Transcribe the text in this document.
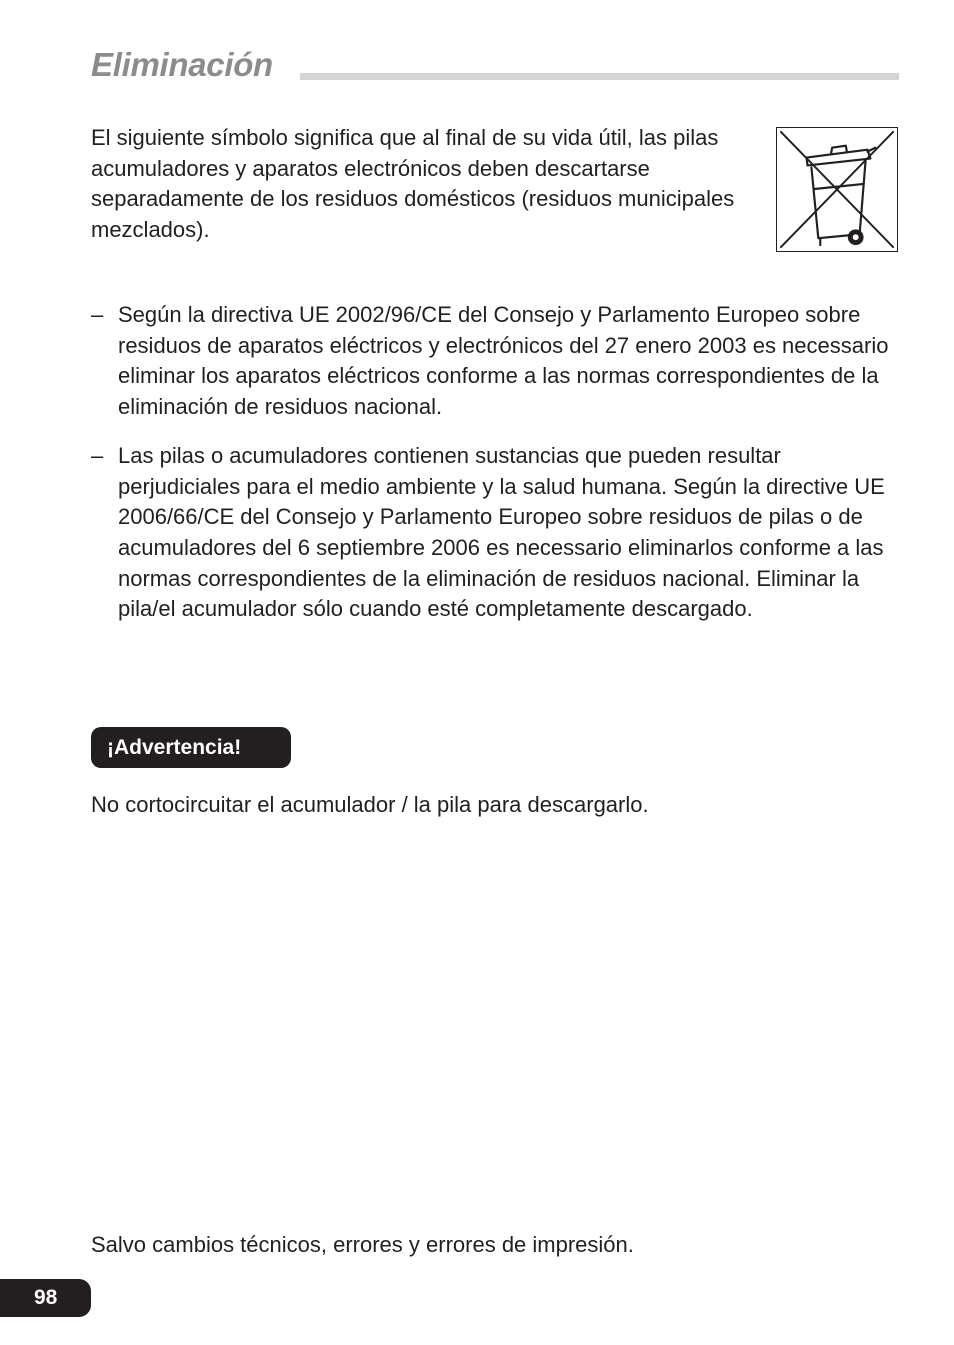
Eliminación

El siguiente símbolo significa que al final de su vida útil, las pilas acumuladores y aparatos electrónicos deben descartarse separadamente de los residuos domésticos (residuos municipales mezclados).

– Según la directiva UE 2002/96/CE del Consejo y Parlamento Europeo sobre residuos de aparatos eléctricos y electrónicos del 27 enero 2003 es necessario eliminar los aparatos eléctricos conforme a las normas correspondientes de la eliminación de residuos nacional.
– Las pilas o acumuladores contienen sustancias que pueden resultar perjudiciales para el medio ambiente y la salud humana. Según la directive UE 2006/66/CE del Consejo y Parlamento Europeo sobre residuos de pilas o de acumuladores del 6 septiembre 2006 es necessario eliminarlos conforme a las normas correspondientes de la eliminación de residuos nacional. Eliminar la pila/el acumulador sólo cuando esté completamente descargado.
¡Advertencia!

No cortocircuitar el acumulador / la pila para descargarlo.

Salvo cambios técnicos, errores y errores de impresión.

98
